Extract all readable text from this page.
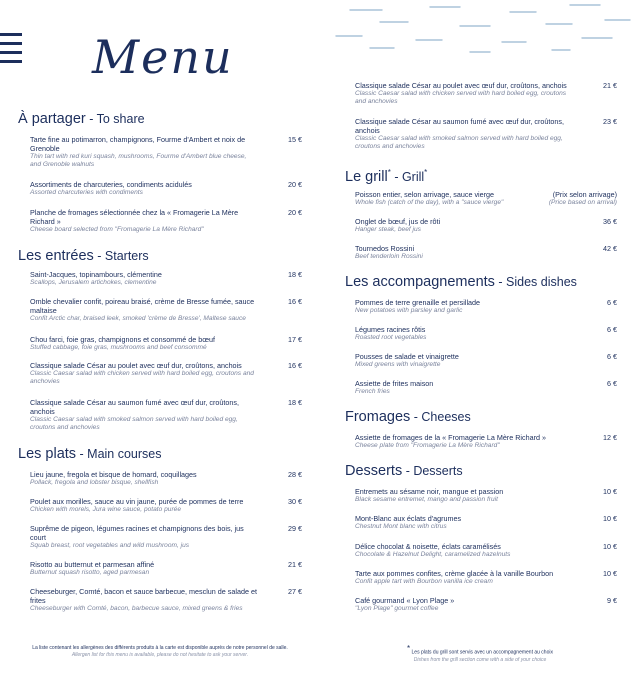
Menu
À partager - To share
Tarte fine au potimarron, champignons, Fourme d'Ambert et noix de Grenoble
Thin tart with red kuri squash, mushrooms, Fourme d'Ambert blue cheese, and Grenoble walnuts
15 €
Assortiments de charcuteries, condiments acidulés
Assorted charcuteries with condiments
20 €
Planche de fromages sélectionnée chez la « Fromagerie La Mère Richard »
Cheese board selected from "Fromagerie La Mère Richard"
20 €
Les entrées - Starters
Saint-Jacques, topinambours, clémentine
Scallops, Jerusalem artichokes, clementine
18 €
Omble chevalier confit, poireau braisé, crème de Bresse fumée, sauce maltaise
Confit Arctic char, braised leek, smoked 'crème de Bresse', Maltese sauce
16 €
Chou farci, foie gras, champignons et consommé de bœuf
Stuffed cabbage, foie gras, mushrooms and beef consommé
17 €
Classique salade César au poulet avec œuf dur, croûtons, anchois
Classic Caesar salad with chicken served with hard boiled egg, croutons and anchovies
16 €
Classique salade César au saumon fumé avec œuf dur, croûtons, anchois
Classic Caesar salad with smoked salmon served with hard boiled egg, croutons and anchovies
18 €
Les plats - Main courses
Lieu jaune, fregola et bisque de homard, coquillages
Pollack, fregola and lobster bisque, shellfish
28 €
Poulet aux morilles, sauce au vin jaune, purée de pommes de terre
Chicken with morels, Jura wine sauce, potato purée
30 €
Suprême de pigeon, légumes racines et champignons des bois, jus court
Squab breast, root vegetables and wild mushroom, jus
29 €
Risotto au butternut et parmesan affiné
Butternut squash risotto, aged parmesan
21 €
Cheeseburger, Comté, bacon et sauce barbecue, mesclun de salade et frites
Cheeseburger with Comté, bacon, barbecue sauce, mixed greens & fries
27 €
Classique salade César au poulet avec œuf dur, croûtons, anchois
Classic Caesar salad with chicken served with hard boiled egg, croutons and anchovies
21 €
Classique salade César au saumon fumé avec œuf dur, croûtons, anchois
Classic Caesar salad with smoked salmon served with hard boiled egg, croutons and anchovies
23 €
Le grill* - Grill*
Poisson entier, selon arrivage, sauce vierge
Whole fish (catch of the day), with a "sauce vierge"
(Prix selon arrivage)
(Price based on arrival)
Onglet de bœuf, jus de rôti
Hanger steak, beef jus
36 €
Tournedos Rossini
Beef tenderloin Rossini
42 €
Les accompagnements - Sides dishes
Pommes de terre grenaille et persillade
New potatoes with parsley and garlic
6 €
Légumes racines rôtis
Roasted root vegetables
6 €
Pousses de salade et vinaigrette
Mixed greens with vinaigrette
6 €
Assiette de frites maison
French fries
6 €
Fromages - Cheeses
Assiette de fromages de la « Fromagerie La Mère Richard »
Cheese plate from "Fromagerie La Mère Richard"
12 €
Desserts - Desserts
Entremets au sésame noir, mangue et passion
Black sesame entremet, mango and passion fruit
10 €
Mont-Blanc aux éclats d'agrumes
Chestnut Mont blanc with citrus
10 €
Délice chocolat & noisette, éclats caramélisés
Chocolate & Hazelnut Delight, caramelized hazelnuts
10 €
Tarte aux pommes confites, crème glacée à la vanille Bourbon
Confit apple tart with Bourbon vanilla ice cream
10 €
Café gourmand « Lyon Plage »
"Lyon Plage" gourmet coffee
9 €
La liste contenant les allergènes des différents produits à la carte est disponible auprès de notre personnel de salle.
Allergen list for this menu is available, please do not hesitate to ask your server.
* Les plats du grill sont servis avec un accompagnement au choix
Dishes from the grill section come with a side of your choice
